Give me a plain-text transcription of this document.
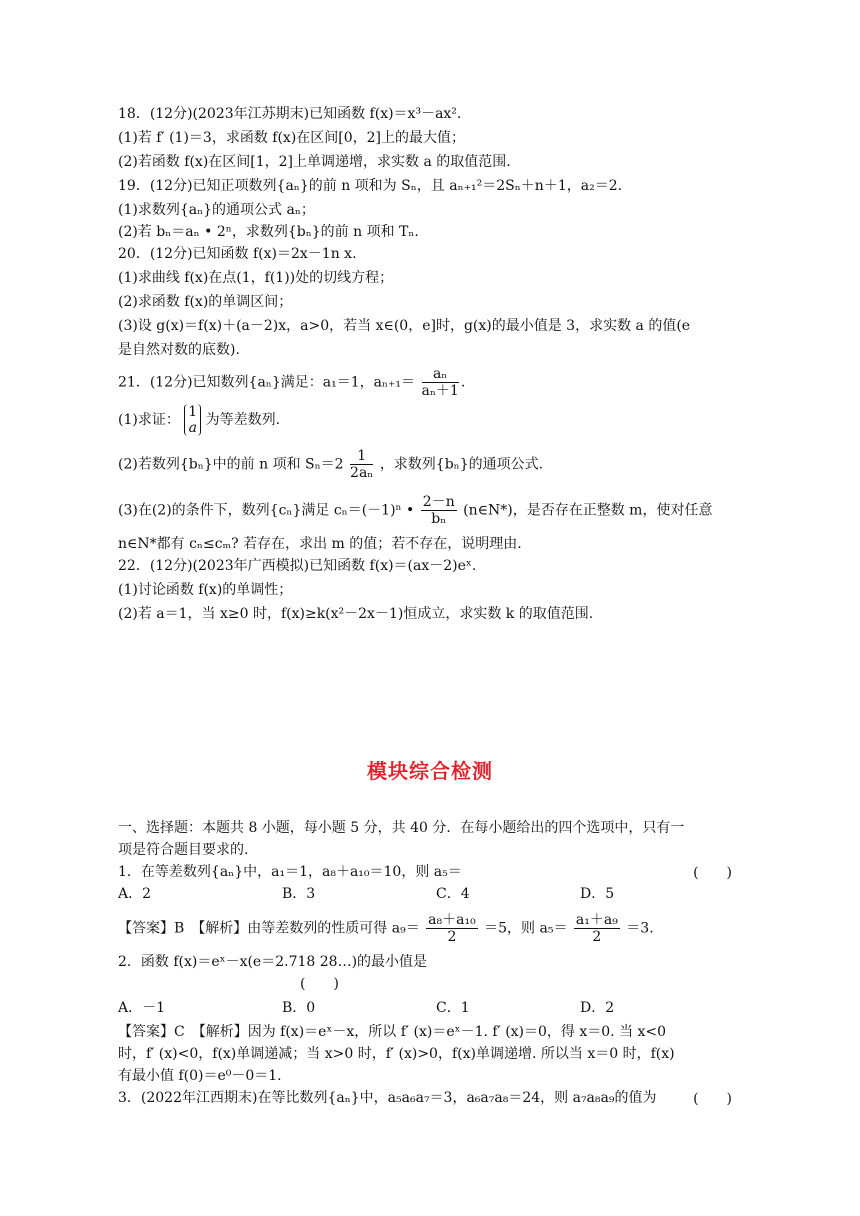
18．(12分)(2023年江苏期末)已知函数 f(x)＝x³－ax².
(1)若 f′ (1)＝3，求函数 f(x)在区间[0，2]上的最大值；
(2)若函数 f(x)在区间[1，2]上单调递增，求实数 a 的取值范围.
19．(12分)已知正项数列{aₙ}的前 n 项和为 Sₙ，且 aₙ₊₁²＝2Sₙ＋n＋1，a₂＝2.
(1)求数列{aₙ}的通项公式 aₙ；
(2)若 bₙ＝aₙ • 2ⁿ，求数列{bₙ}的前 n 项和 Tₙ.
20．(12分)已知函数 f(x)＝2x－1n x.
(1)求曲线 f(x)在点(1，f(1))处的切线方程；
(2)求函数 f(x)的单调区间；
(3)设 g(x)＝f(x)＋(a－2)x，a>0，若当 x∈(0，e]时，g(x)的最小值是 3，求实数 a 的值(e
是自然对数的底数).
21．(12分)已知数列{aₙ}满足：a₁＝1，$a_{n+1}= \frac{\text{aₙ}}{\text{aₙ＋1}}$ .
(1)求证： 1
a 为等差数列.
(2)若数列{bₙ}中的前 n 项和 $S_n=2 \frac{1}{\text{2aₙ}}$ ，求数列{bₙ}的通项公式.
(3)在(2)的条件下，数列{cₙ}满足 cₙ＝(－1)ⁿ • $\frac{2-n}{\text{bₙ}}$ (n∈N*)，是否存在正整数 m，使对任意
n∈N*都有 cₙ≤cₘ? 若存在，求出 m 的值；若不存在，说明理由.
22．(12分)(2023年广西模拟)已知函数 f(x)＝(ax－2)eˣ.
(1)讨论函数 f(x)的单调性；
(2)若 a＝1，当 x≥0 时，f(x)≥k(x²－2x－1)恒成立，求实数 k 的取值范围.
模块综合检测
一、选择题：本题共 8 小题，每小题 5 分，共 40 分．在每小题给出的四个选项中，只有一
项是符合题目要求的.
1．在等差数列{aₙ}中，a₁＝1，a₈＋a₁₀＝10，则 a₅＝	(　　)
A．2	B．3	C．4	D．5
【答案】B　【解析】由等差数列的性质可得 $a_9= \frac{\text{a₈＋a₁₀}}{2} =5$，则 $a_5= \frac{\text{a₁＋a₉}}{2} =3$.
2．函数 f(x)＝eˣ－x(e＝2.718 28…)的最小值是
(　　)
A．－1	B．0	C．1	D．2
【答案】C　【解析】因为 f(x)＝eˣ－x，所以 f′ (x)＝eˣ－1. f′ (x)＝0，得 x＝0. 当 x<0
时，f′ (x)<0，f(x)单调递减；当 x>0 时，f′ (x)>0，f(x)单调递增. 所以当 x＝0 时，f(x)
有最小值 f(0)＝e⁰－0＝1.
3．(2022年江西期末)在等比数列{aₙ}中，a₅a₆a₇＝3，a₆a₇a₈＝24，则 a₇a₈a₉的值为	(　　)
